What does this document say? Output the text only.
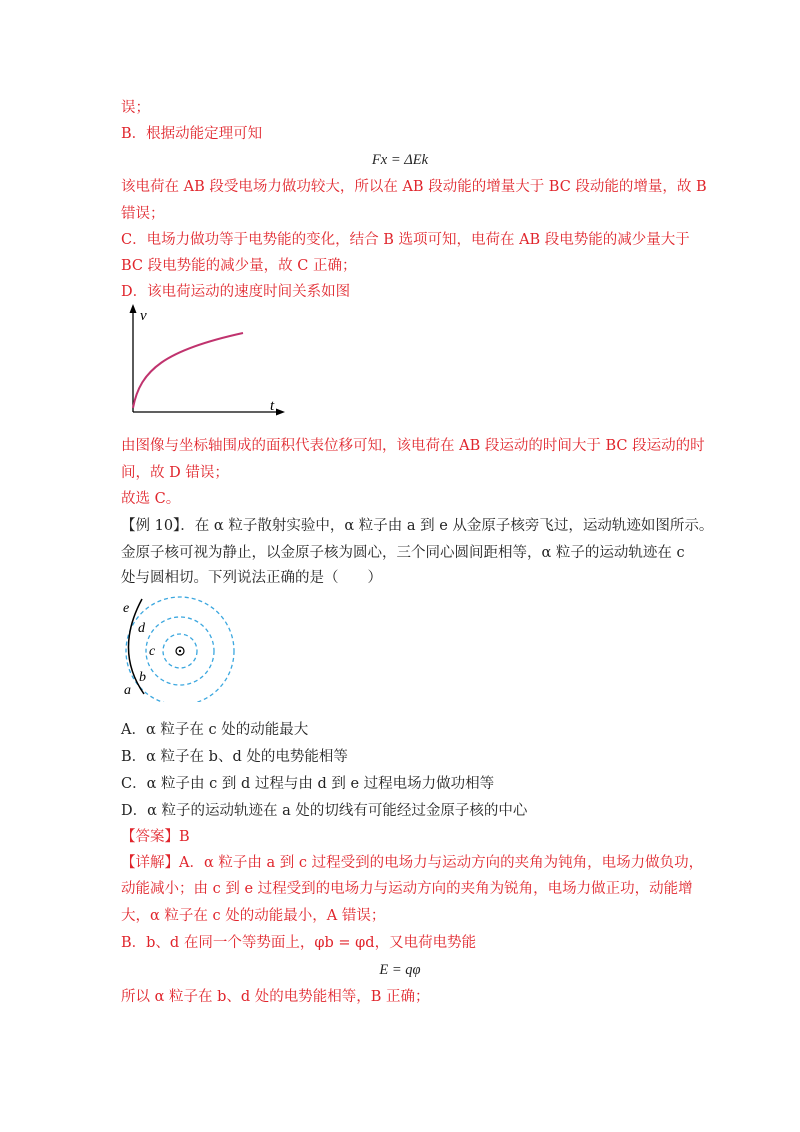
误；
B．根据动能定理可知
Fx = ΔEk
该电荷在 AB 段受电场力做功较大，所以在 AB 段动能的增量大于 BC 段动能的增量，故 B
错误；
C．电场力做功等于电势能的变化，结合 B 选项可知，电荷在 AB 段电势能的减少量大于
BC 段电势能的减少量，故 C 正确；
D．该电荷运动的速度时间关系如图
v
t
由图像与坐标轴围成的面积代表位移可知，该电荷在 AB 段运动的时间大于 BC 段运动的时
间，故 D 错误；
故选 C。
【例 10】．在 α 粒子散射实验中，α 粒子由 a 到 e 从金原子核旁飞过，运动轨迹如图所示。
金原子核可视为静止，以金原子核为圆心，三个同心圆间距相等，α 粒子的运动轨迹在 c
处与圆相切。下列说法正确的是（　　）
e
d
c
b
a
A．α 粒子在 c 处的动能最大
B．α 粒子在 b、d 处的电势能相等
C．α 粒子由 c 到 d 过程与由 d 到 e 过程电场力做功相等
D．α 粒子的运动轨迹在 a 处的切线有可能经过金原子核的中心
【答案】B
【详解】A．α 粒子由 a 到 c 过程受到的电场力与运动方向的夹角为钝角，电场力做负功，
动能减小；由 c 到 e 过程受到的电场力与运动方向的夹角为锐角，电场力做正功，动能增
大，α 粒子在 c 处的动能最小，A 错误；
B．b、d 在同一个等势面上，φb = φd，又电荷电势能
E = qφ
所以 α 粒子在 b、d 处的电势能相等，B 正确；
